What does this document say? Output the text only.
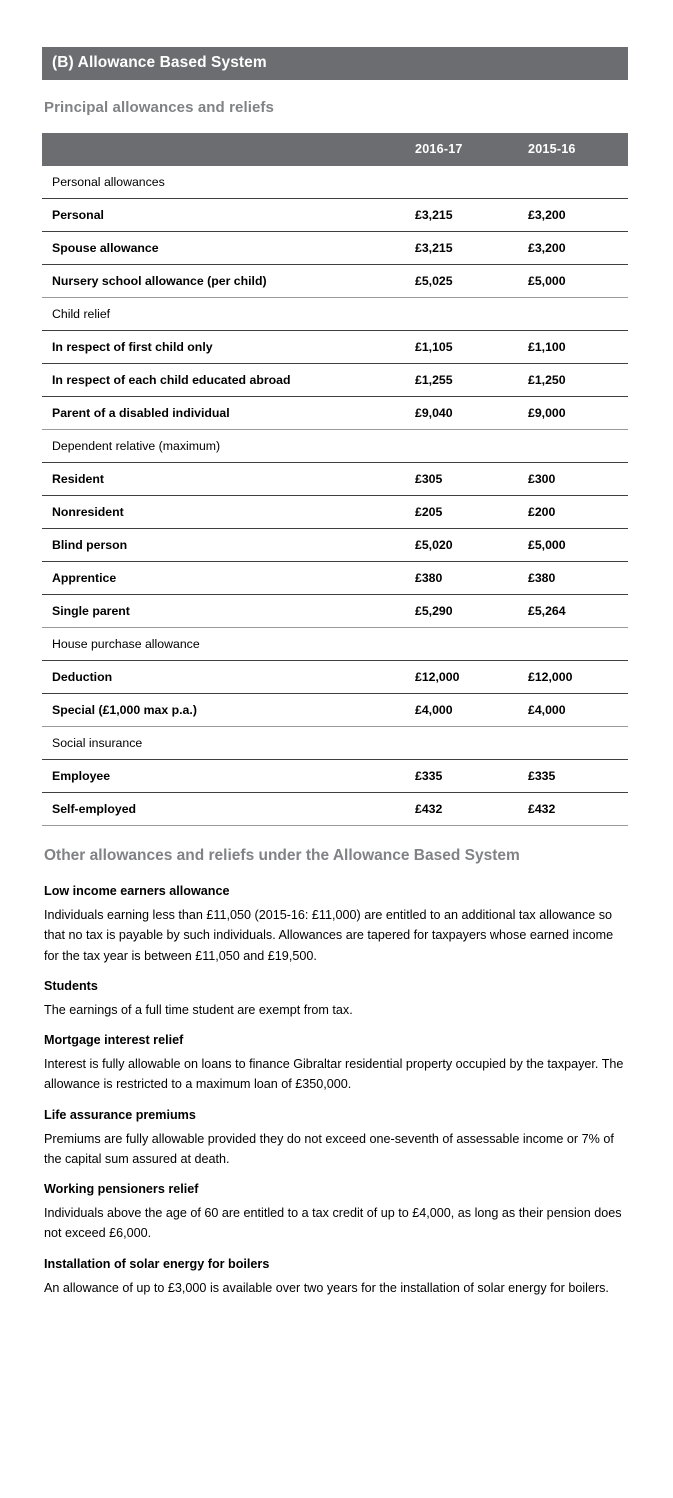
(B) Allowance Based System
Principal allowances and reliefs
	2016-17	2015-16
Personal allowances		
Personal	£3,215	£3,200
Spouse allowance	£3,215	£3,200
Nursery school allowance (per child)	£5,025	£5,000
Child relief		
In respect of first child only	£1,105	£1,100
In respect of each child educated abroad	£1,255	£1,250
Parent of a disabled individual	£9,040	£9,000
Dependent relative (maximum)		
Resident	£305	£300
Nonresident	£205	£200
Blind person	£5,020	£5,000
Apprentice	£380	£380
Single parent	£5,290	£5,264
House purchase allowance		
Deduction	£12,000	£12,000
Special (£1,000 max p.a.)	£4,000	£4,000
Social insurance		
Employee	£335	£335
Self-employed	£432	£432
Other allowances and reliefs under the Allowance Based System
Low income earners allowance

Individuals earning less than £11,050 (2015-16: £11,000) are entitled to an additional tax allowance so that no tax is payable by such individuals. Allowances are tapered for taxpayers whose earned income for the tax year is between £11,050 and £19,500.

Students

The earnings of a full time student are exempt from tax.

Mortgage interest relief

Interest is fully allowable on loans to finance Gibraltar residential property occupied by the taxpayer. The allowance is restricted to a maximum loan of £350,000.

Life assurance premiums

Premiums are fully allowable provided they do not exceed one-seventh of assessable income or 7% of the capital sum assured at death.

Working pensioners relief

Individuals above the age of 60 are entitled to a tax credit of up to £4,000, as long as their pension does not exceed £6,000.

Installation of solar energy for boilers

An allowance of up to £3,000 is available over two years for the installation of solar energy for boilers.
